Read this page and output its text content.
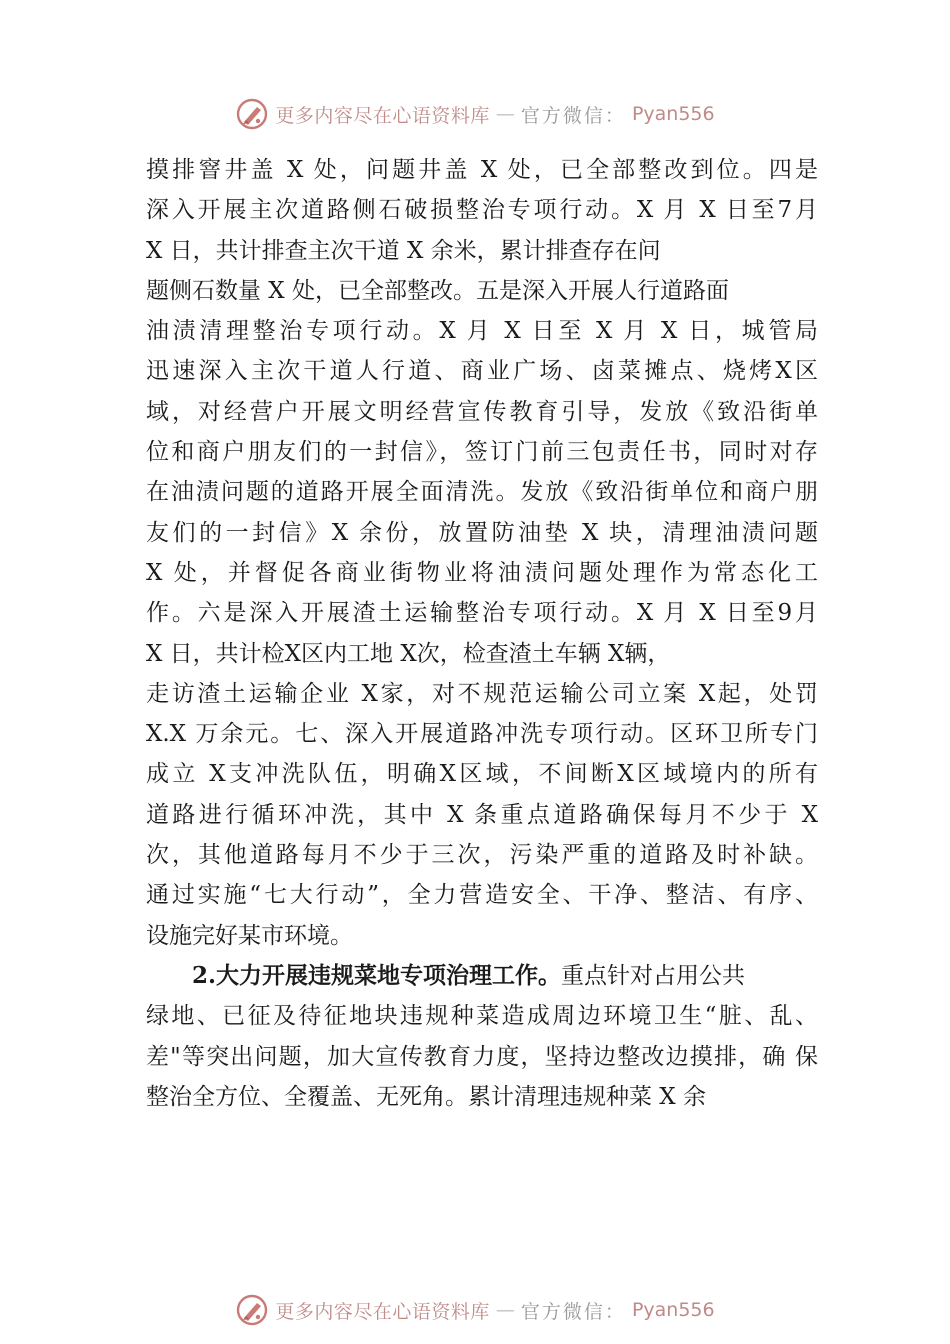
更多内容尽在心语资料库 — 官方微信： Pyan556
摸排窨井盖 X 处，问题井盖 X 处，已全部整改到位。四是
深入开展主次道路侧石破损整治专项行动。X 月 X 日至7月
X 日，共计排查主次干道 X 余米，累计排查存在问
题侧石数量 X 处，已全部整改。五是深入开展人行道路面
油渍清理整治专项行动。X 月 X 日至 X 月 X 日，城管局
迅速深入主次干道人行道、商业广场、卤菜摊点、烧烤X区
域，对经营户开展文明经营宣传教育引导，发放《致沿街单
位和商户朋友们的一封信》，签订门前三包责任书，同时对存
在油渍问题的道路开展全面清洗。发放《致沿街单位和商户朋
友们的一封信》X 余份，放置防油垫 X 块，清理油渍问题
X 处，并督促各商业街物业将油渍问题处理作为常态化工
作。六是深入开展渣土运输整治专项行动。X 月 X 日至9月
X 日，共计检X区内工地 X次，检查渣土车辆 X辆，
走访渣土运输企业 X家，对不规范运输公司立案 X起，处罚
X.X 万余元。七、深入开展道路冲洗专项行动。区环卫所专门
成立 X支冲洗队伍，明确X区域，不间断X区域境内的所有
道路进行循环冲洗，其中 X 条重点道路确保每月不少于 X
次，其他道路每月不少于三次，污染严重的道路及时补缺。
通过实施“七大行动”，全力营造安全、干净、整洁、有序、
设施完好某市环境。
2.大力开展违规菜地专项治理工作。重点针对占用公共
绿地、已征及待征地块违规种菜造成周边环境卫生“脏、乱、
差"等突出问题，加大宣传教育力度，坚持边整改边摸排，确 保
整治全方位、全覆盖、无死角。累计清理违规种菜 X 余
更多内容尽在心语资料库 — 官方微信： Pyan556
